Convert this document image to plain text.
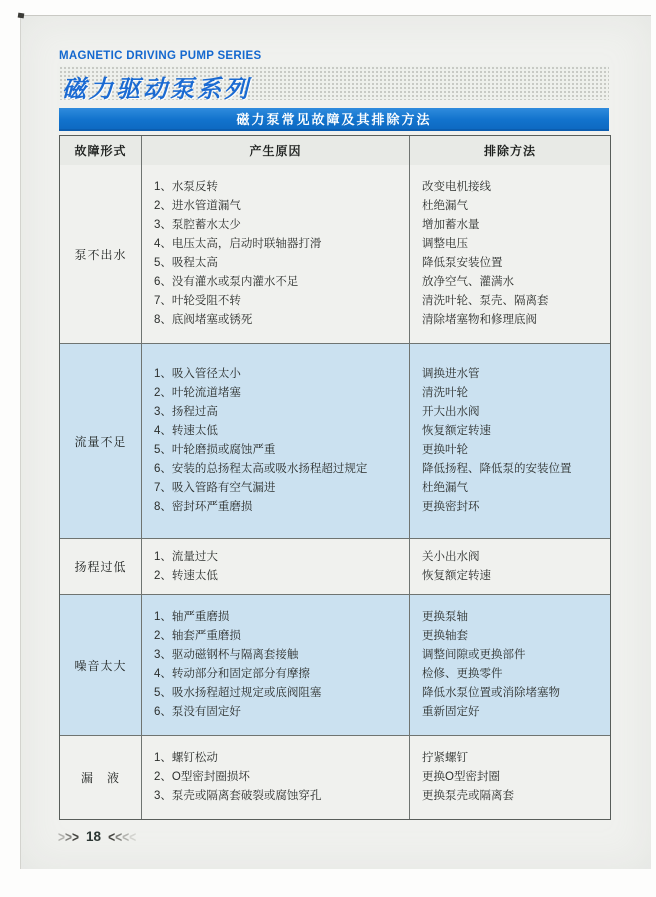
MAGNETIC DRIVING PUMP SERIES
磁力驱动泵系列
磁力泵常见故障及其排除方法
故障形式	产生原因	排除方法
泵不出水
1、水泵反转
2、进水管道漏气
3、泵腔蓄水太少
4、电压太高，启动时联轴器打滑
5、吸程太高
6、没有灌水或泵内灌水不足
7、叶轮受阻不转
8、底阀堵塞或锈死
改变电机接线
杜绝漏气
增加蓄水量
调整电压
降低泵安装位置
放净空气、灌满水
清洗叶轮、泵壳、隔离套
清除堵塞物和修理底阀
流量不足
1、吸入管径太小
2、叶轮流道堵塞
3、扬程过高
4、转速太低
5、叶轮磨损或腐蚀严重
6、安装的总扬程太高或吸水扬程超过规定
7、吸入管路有空气漏进
8、密封环严重磨损
调换进水管
清洗叶轮
开大出水阀
恢复额定转速
更换叶轮
降低扬程、降低泵的安装位置
杜绝漏气
更换密封环
扬程过低
1、流量过大
2、转速太低
关小出水阀
恢复额定转速
噪音太大
1、轴严重磨损
2、轴套严重磨损
3、驱动磁钢杯与隔离套接触
4、转动部分和固定部分有摩擦
5、吸水扬程超过规定或底阀阻塞
6、泵没有固定好
更换泵轴
更换轴套
调整间隙或更换部件
检修、更换零件
降低水泵位置或消除堵塞物
重新固定好
漏　液
1、螺钉松动
2、O型密封圈损坏
3、泵壳或隔离套破裂或腐蚀穿孔
拧紧螺钉
更换O型密封圈
更换泵壳或隔离套
>>> 18 <<<<
